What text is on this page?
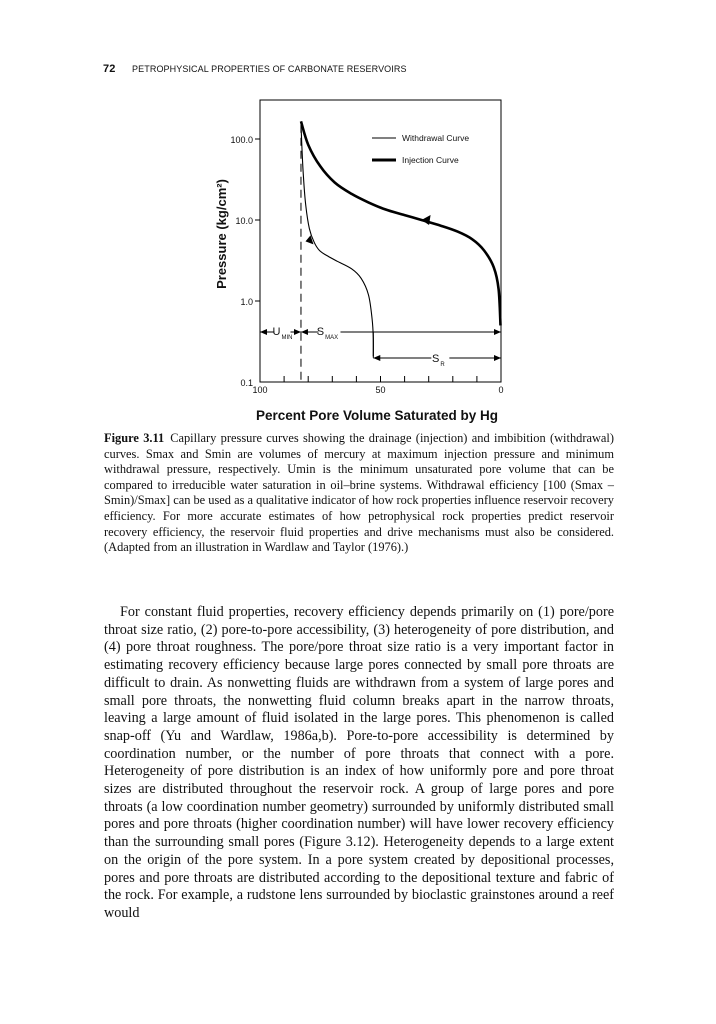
72 PETROPHYSICAL PROPERTIES OF CARBONATE RESERVOIRS
Pressure (kg/cm²)
Percent Pore Volume Saturated by Hg
Withdrawal Curve
Injection Curve
100.0
10.0
1.0
0.1
100	50	0
$U_{MIN}$ $S_{MAX}$
$S_R$
Figure 3.11 Capillary pressure curves showing the drainage (injection) and imbibition (withdrawal) curves. Smax and Smin are volumes of mercury at maximum injection pressure and minimum withdrawal pressure, respectively. Umin is the minimum unsaturated pore volume that can be compared to irreducible water saturation in oil–brine systems. Withdrawal efficiency [100 (Smax – Smin)/Smax] can be used as a qualitative indicator of how rock properties influence reservoir recovery efficiency. For more accurate estimates of how petrophysical rock properties predict reservoir recovery efficiency, the reservoir fluid properties and drive mechanisms must also be considered. (Adapted from an illustration in Wardlaw and Taylor (1976).)
For constant fluid properties, recovery efficiency depends primarily on (1) pore/pore throat size ratio, (2) pore-to-pore accessibility, (3) heterogeneity of pore distribution, and (4) pore throat roughness. The pore/pore throat size ratio is a very important factor in estimating recovery efficiency because large pores connected by small pore throats are difficult to drain. As nonwetting fluids are withdrawn from a system of large pores and small pore throats, the nonwetting fluid column breaks apart in the narrow throats, leaving a large amount of fluid isolated in the large pores. This phenomenon is called snap-off (Yu and Wardlaw, 1986a,b). Pore-to-pore accessibility is determined by coordination number, or the number of pore throats that connect with a pore. Heterogeneity of pore distribution is an index of how uniformly pore and pore throat sizes are distributed throughout the reservoir rock. A group of large pores and pore throats (a low coordination number geometry) surrounded by uniformly distributed small pores and pore throats (higher coordination number) will have lower recovery efficiency than the surrounding small pores (Figure 3.12). Heterogeneity depends to a large extent on the origin of the pore system. In a pore system created by depositional processes, pores and pore throats are distributed according to the depositional texture and fabric of the rock. For example, a rudstone lens surrounded by bioclastic grainstones around a reef would
